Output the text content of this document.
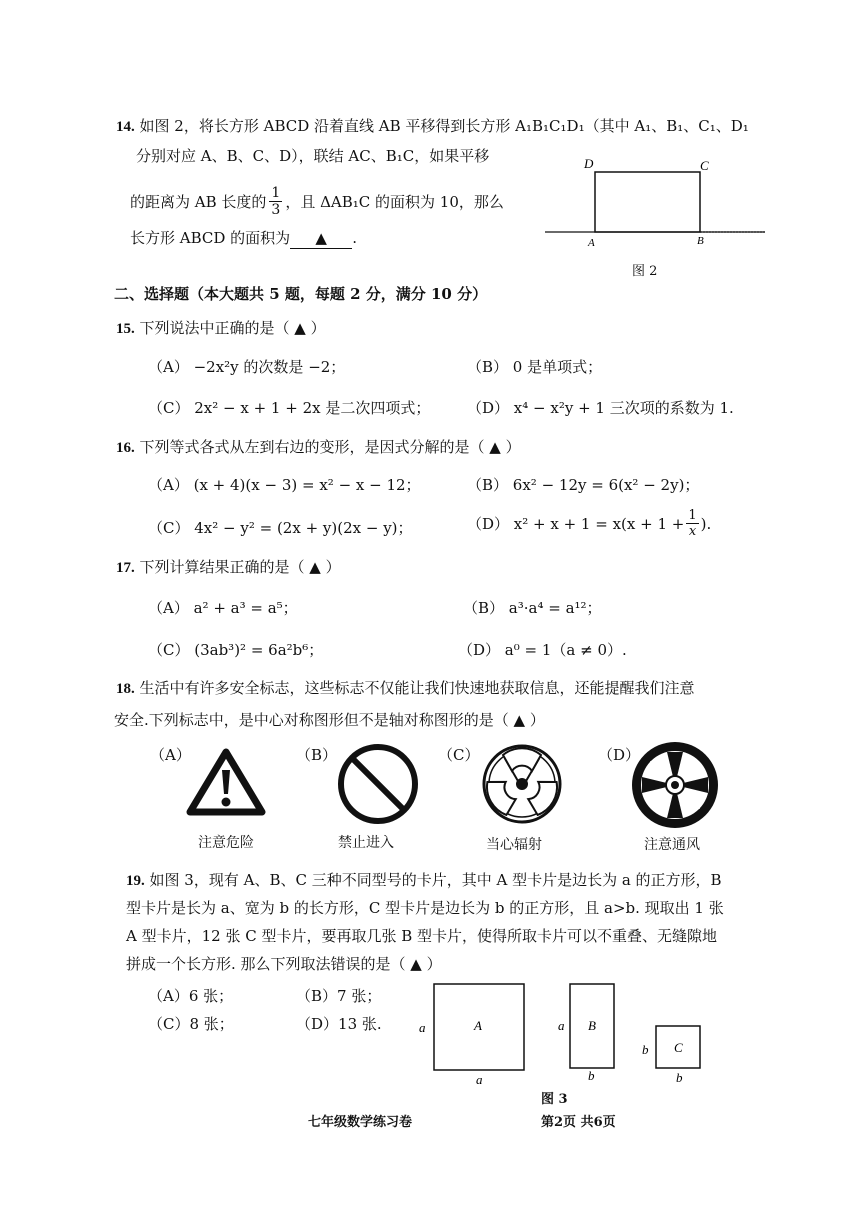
14. 如图 2，将长方形 ABCD 沿着直线 AB 平移得到长方形 A₁B₁C₁D₁（其中 A₁、B₁、C₁、D₁
分别对应 A、B、C、D），联结 AC、B₁C，如果平移
的距离为 AB 长度的 $\frac{1}{3}$ ，且 ΔAB₁C 的面积为 10，那么
长方形 ABCD 的面积为 ▲ .
D	C
A	B
图 2
二、选择题（本大题共 5 题，每题 2 分，满分 10 分）
15. 下列说法中正确的是（ ▲ ）
（A） −2x²y 的次数是 −2；	（B） 0 是单项式；
（C） 2x² − x + 1 + 2x 是二次四项式； （D） x⁴ − x²y + 1 三次项的系数为 1.
16. 下列等式各式从左到右边的变形，是因式分解的是（ ▲ ）
（A） (x + 4)(x − 3) = x² − x − 12；	（B） 6x² − 12y = 6(x² − 2y)；
（C） 4x² − y² = (2x + y)(2x − y)；	（D） $x^2 + x + 1 = x(x + 1 + \frac{1}{x}$ ).
17. 下列计算结果正确的是（ ▲ ）
（A） a² + a³ = a⁵；	（B） a³·a⁴ = a¹²；
（C） (3ab³)² = 6a²b⁶；	（D） a⁰ = 1（a ≠ 0）.
18. 生活中有许多安全标志，这些标志不仅能让我们快速地获取信息，还能提醒我们注意
安全.下列标志中，是中心对称图形但不是轴对称图形的是（ ▲ ）
（A）	（B）	（C）	（D）
注意危险	禁止进入	当心辐射	注意通风
19. 如图 3，现有 A、B、C 三种不同型号的卡片，其中 A 型卡片是边长为 a 的正方形，B
型卡片是长为 a、宽为 b 的长方形，C 型卡片是边长为 b 的正方形，且 a>b. 现取出 1 张
A 型卡片，12 张 C 型卡片，要再取几张 B 型卡片，使得所取卡片可以不重叠、无缝隙地
拼成一个长方形. 那么下列取法错误的是（ ▲ ）
（A）6 张；	（B）7 张；
（C）8 张；	（D）13 张.	A
a
a
B
a
b
C
b
b
图 3
七年级数学练习卷	第2页 共6页
